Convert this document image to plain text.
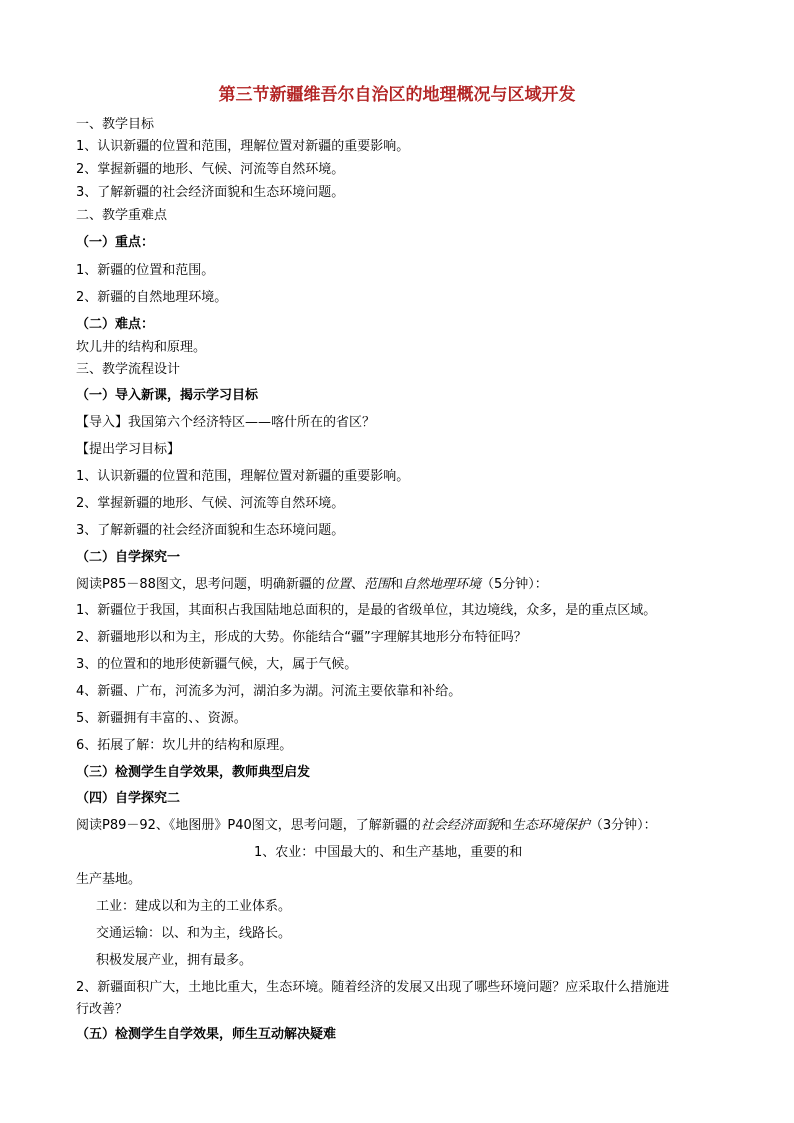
第三节新疆维吾尔自治区的地理概况与区域开发
一、教学目标
1、认识新疆的位置和范围，理解位置对新疆的重要影响。
2、掌握新疆的地形、气候、河流等自然环境。
3、了解新疆的社会经济面貌和生态环境问题。
二、教学重难点
（一）重点：
1、新疆的位置和范围。
2、新疆的自然地理环境。
（二）难点：
坎儿井的结构和原理。
三、教学流程设计
（一）导入新课，揭示学习目标
【导入】我国第六个经济特区——喀什所在的省区？
【提出学习目标】
1、认识新疆的位置和范围，理解位置对新疆的重要影响。
2、掌握新疆的地形、气候、河流等自然环境。
3、了解新疆的社会经济面貌和生态环境问题。
（二）自学探究一
阅读P85－88图文，思考问题，明确新疆的位置、范围和自然地理环境（5分钟）：
1、新疆位于我国，其面积占我国陆地总面积的，是最的省级单位，其边境线，众多，是的重点区域。
2、新疆地形以和为主，形成的大势。你能结合“疆”字理解其地形分布特征吗？
3、的位置和的地形使新疆气候，大，属于气候。
4、新疆、广布，河流多为河，湖泊多为湖。河流主要依靠和补给。
5、新疆拥有丰富的、、资源。
6、拓展了解：坎儿井的结构和原理。
（三）检测学生自学效果，教师典型启发
（四）自学探究二
阅读P89－92、《地图册》P40图文，思考问题，了解新疆的社会经济面貌和生态环境保护（3分钟）：
1、农业：中国最大的、和生产基地，重要的和
生产基地。
工业：建成以和为主的工业体系。
交通运输：以、和为主，线路长。
积极发展产业，拥有最多。
2、新疆面积广大，土地比重大，生态环境。随着经济的发展又出现了哪些环境问题？应采取什么措施进
行改善？
（五）检测学生自学效果，师生互动解决疑难
